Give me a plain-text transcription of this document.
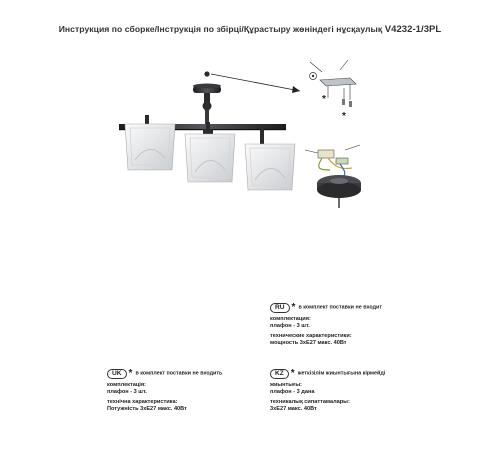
Инструкция по сборке/Інструкція по збірці/Құрастыру жөніндегі нұсқаулық V4232-1/3PL
*
*
RU * в комплект поставки не входит
комплектация:
плафон - 3 шт.
технические характеристики:
мощность 3хЕ27 макс. 40Вт
UK * в комплект поставки не входить
комплектація:
плафон - 3 шт.
технічна характеристика:
Потужність 3хЕ27 макс. 40Вт
KZ * жеткізілім жиынтығына кірмейді
жиынтығы:
плафон - 3 дана
техникалық сипаттамалары:
3хЕ27 макс. 40Вт
